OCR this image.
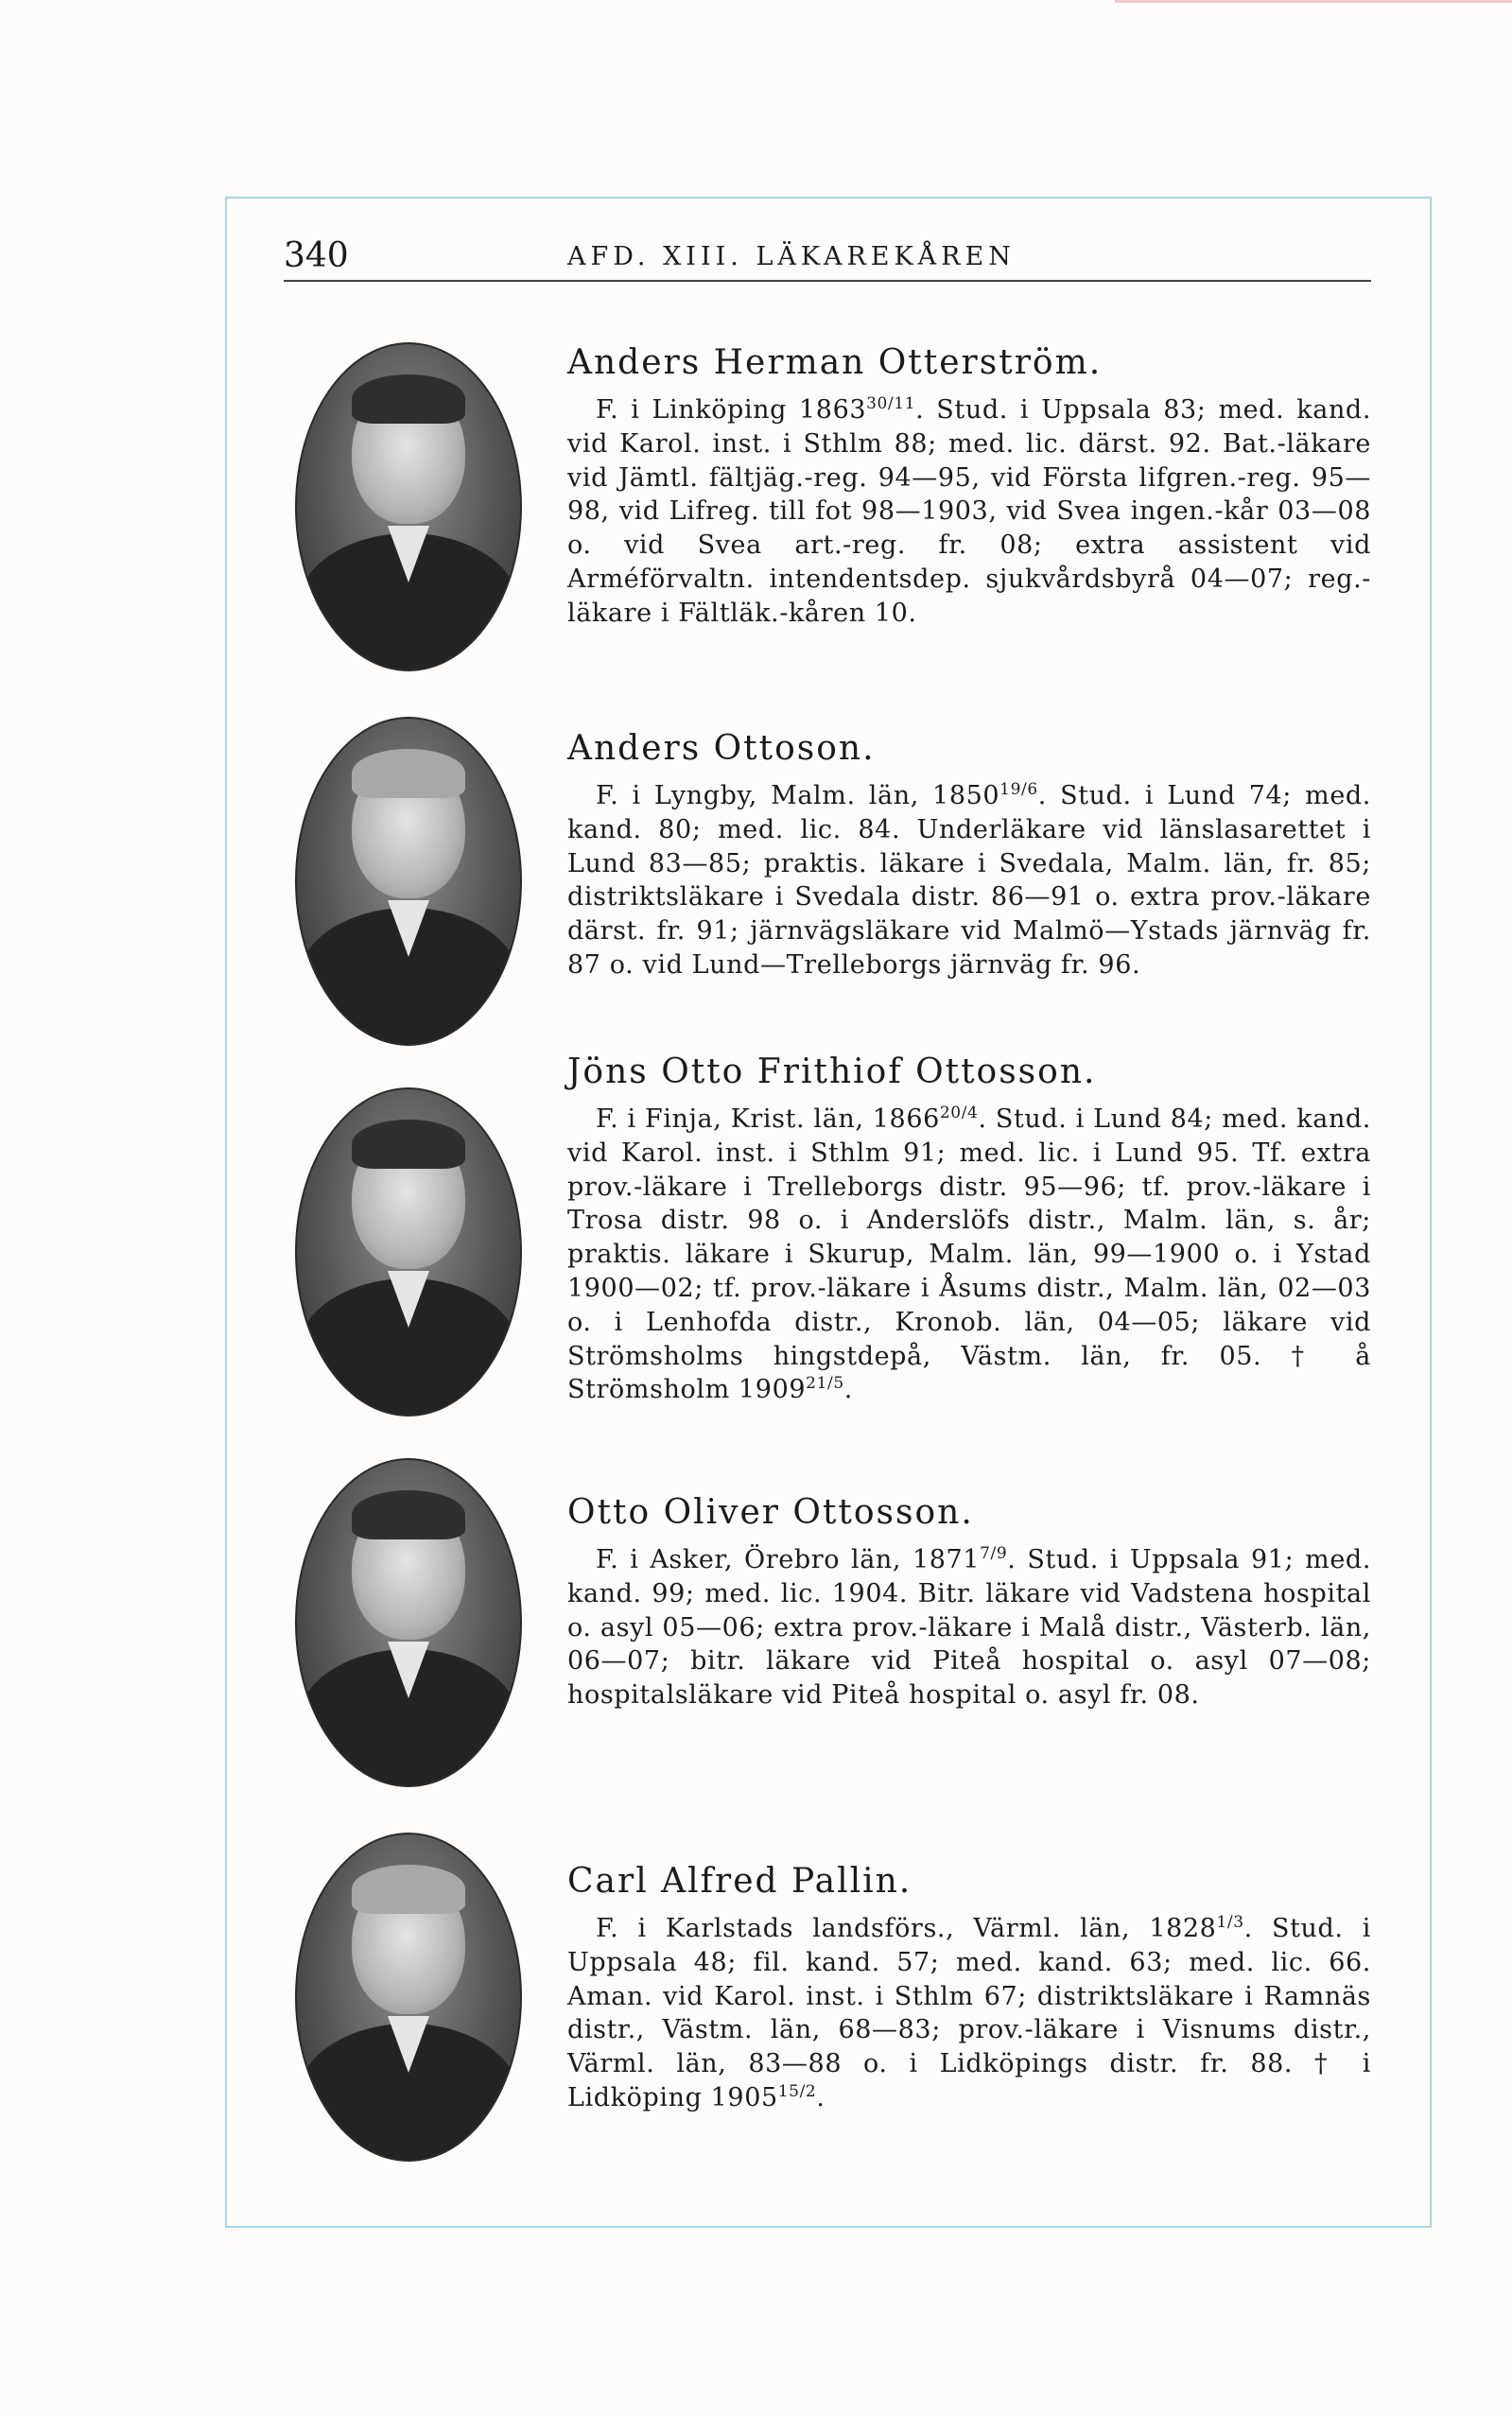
340	AFD. XIII. LÄKAREKÅREN
Anders Herman Otterström.

F. i Linköping $1863^{30/11}$. Stud. i Uppsala 83; med. kand. vid Karol. inst. i Sthlm 88; med. lic. därst. 92. Bat.-läkare vid Jämtl. fältjäg.-reg. 94—95, vid Första lifgren.-reg. 95—98, vid Lifreg. till fot 98—1903, vid Svea ingen.-kår 03—08 o. vid Svea art.-reg. fr. 08; extra assistent vid Arméförvaltn. intendentsdep. sjukvårdsbyrå 04—07; reg.-läkare i Fältläk.-kåren 10.

Anders Ottoson.

F. i Lyngby, Malm. län, $1850^{19/6}$. Stud. i Lund 74; med. kand. 80; med. lic. 84. Underläkare vid länslasarettet i Lund 83—85; praktis. läkare i Svedala, Malm. län, fr. 85; distriktsläkare i Svedala distr. 86—91 o. extra prov.-läkare därst. fr. 91; järnvägsläkare vid Malmö—Ystads järnväg fr. 87 o. vid Lund—Trelleborgs järnväg fr. 96.

Jöns Otto Frithiof Ottosson.

F. i Finja, Krist. län, $1866^{20/4}$. Stud. i Lund 84; med. kand. vid Karol. inst. i Sthlm 91; med. lic. i Lund 95. Tf. extra prov.-läkare i Trelleborgs distr. 95—96; tf. prov.-läkare i Trosa distr. 98 o. i Anderslöfs distr., Malm. län, s. år; praktis. läkare i Skurup, Malm. län, 99—1900 o. i Ystad 1900—02; tf. prov.-läkare i Åsums distr., Malm. län, 02—03 o. i Lenhofda distr., Kronob. län, 04—05; läkare vid Strömsholms hingstdepå, Västm. län, fr. 05. † å Strömsholm $1909^{21/5}$.

Otto Oliver Ottosson.

F. i Asker, Örebro län, $1871^{7/9}$. Stud. i Uppsala 91; med. kand. 99; med. lic. 1904. Bitr. läkare vid Vadstena hospital o. asyl 05—06; extra prov.-läkare i Malå distr., Västerb. län, 06—07; bitr. läkare vid Piteå hospital o. asyl 07—08; hospitalsläkare vid Piteå hospital o. asyl fr. 08.

Carl Alfred Pallin.

F. i Karlstads landsförs., Värml. län, $1828^{1/3}$. Stud. i Uppsala 48; fil. kand. 57; med. kand. 63; med. lic. 66. Aman. vid Karol. inst. i Sthlm 67; distriktsläkare i Ramnäs distr., Västm. län, 68—83; prov.-läkare i Visnums distr., Värml. län, 83—88 o. i Lidköpings distr. fr. 88. † i Lidköping $1905^{15/2}$.
